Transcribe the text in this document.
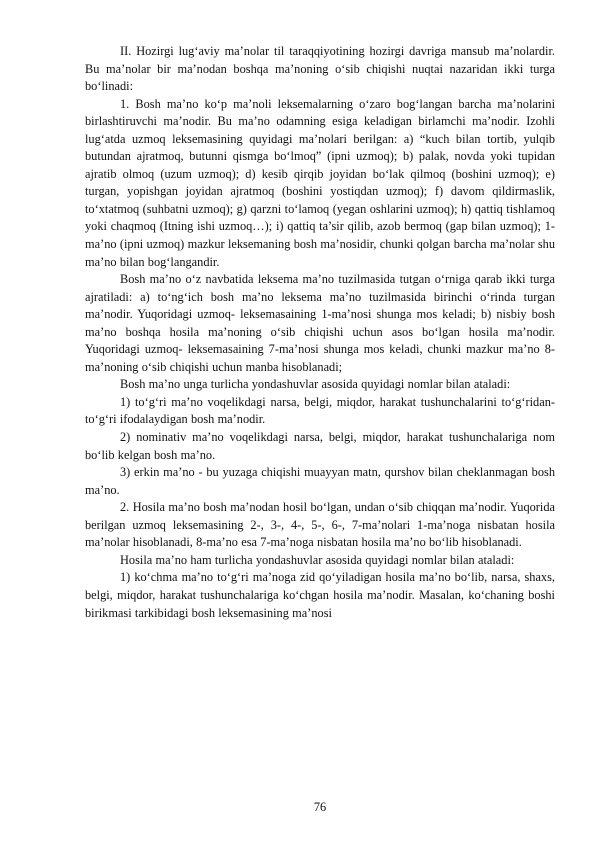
II. Hozirgi lug‘aviy ma’nolar til taraqqiyotining hozirgi davriga mansub ma’nolardir. Bu ma’nolar bir ma’nodan boshqa ma’noning o‘sib chiqishi nuqtai nazaridan ikki turga bo‘linadi:

1. Bosh ma’no ko‘p ma’noli leksemalarning o‘zaro bog‘langan barcha ma’nolarini birlashtiruvchi ma’nodir. Bu ma’no odamning esiga keladigan birlamchi ma’nodir. Izohli lug‘atda uzmoq leksemasining quyidagi ma’nolari berilgan: a) “kuch bilan tortib, yulqib butundan ajratmoq, butunni qismga bo‘lmoq” (ipni uzmoq); b) palak, novda yoki tupidan ajratib olmoq (uzum uzmoq); d) kesib qirqib joyidan bo‘lak qilmoq (boshini uzmoq); e) turgan, yopishgan joyidan ajratmoq (boshini yostiqdan uzmoq); f) davom qildirmaslik, to‘xtatmoq (suhbatni uzmoq); g) qarzni to‘lamoq (yegan oshlarini uzmoq); h) qattiq tishlamoq yoki chaqmoq (Itning ishi uzmoq…); i) qattiq ta’sir qilib, azob bermoq (gap bilan uzmoq); 1-ma’no (ipni uzmoq) mazkur leksemaning bosh ma’nosidir, chunki qolgan barcha ma’nolar shu ma’no bilan bog‘langandir.

Bosh ma’no o‘z navbatida leksema ma’no tuzilmasida tutgan o‘rniga qarab ikki turga ajratiladi: a) to‘ng‘ich bosh ma’no leksema ma’no tuzilmasida birinchi o‘rinda turgan ma’nodir. Yuqoridagi uzmoq- leksemasaining 1-ma’nosi shunga mos keladi; b) nisbiy bosh ma’no boshqa hosila ma’noning o‘sib chiqishi uchun asos bo‘lgan hosila ma’nodir. Yuqoridagi uzmoq- leksemasaining 7-ma’nosi shunga mos keladi, chunki mazkur ma’no 8-ma’noning o‘sib chiqishi uchun manba hisoblanadi;

Bosh ma’no unga turlicha yondashuvlar asosida quyidagi nomlar bilan ataladi:

1) to‘g‘ri ma’no voqelikdagi narsa, belgi, miqdor, harakat tushunchalarini to‘g‘ridan-to‘g‘ri ifodalaydigan bosh ma’nodir.

2) nominativ ma’no voqelikdagi narsa, belgi, miqdor, harakat tushunchalariga nom bo‘lib kelgan bosh ma’no.

3) erkin ma’no - bu yuzaga chiqishi muayyan matn, qurshov bilan cheklanmagan bosh ma’no.

2. Hosila ma’no bosh ma’nodan hosil bo‘lgan, undan o‘sib chiqqan ma’nodir. Yuqorida berilgan uzmoq leksemasining 2-, 3-, 4-, 5-, 6-, 7-ma’nolari 1-ma’noga nisbatan hosila ma’nolar hisoblanadi, 8-ma’no esa 7-ma’noga nisbatan hosila ma’no bo‘lib hisoblanadi.

Hosila ma’no ham turlicha yondashuvlar asosida quyidagi nomlar bilan ataladi:

1) ko‘chma ma’no to‘g‘ri ma’noga zid qo‘yiladigan hosila ma’no bo‘lib, narsa, shaxs, belgi, miqdor, harakat tushunchalariga ko‘chgan hosila ma’nodir. Masalan, ko‘chaning boshi birikmasi tarkibidagi bosh leksemasining ma’nosi

76
